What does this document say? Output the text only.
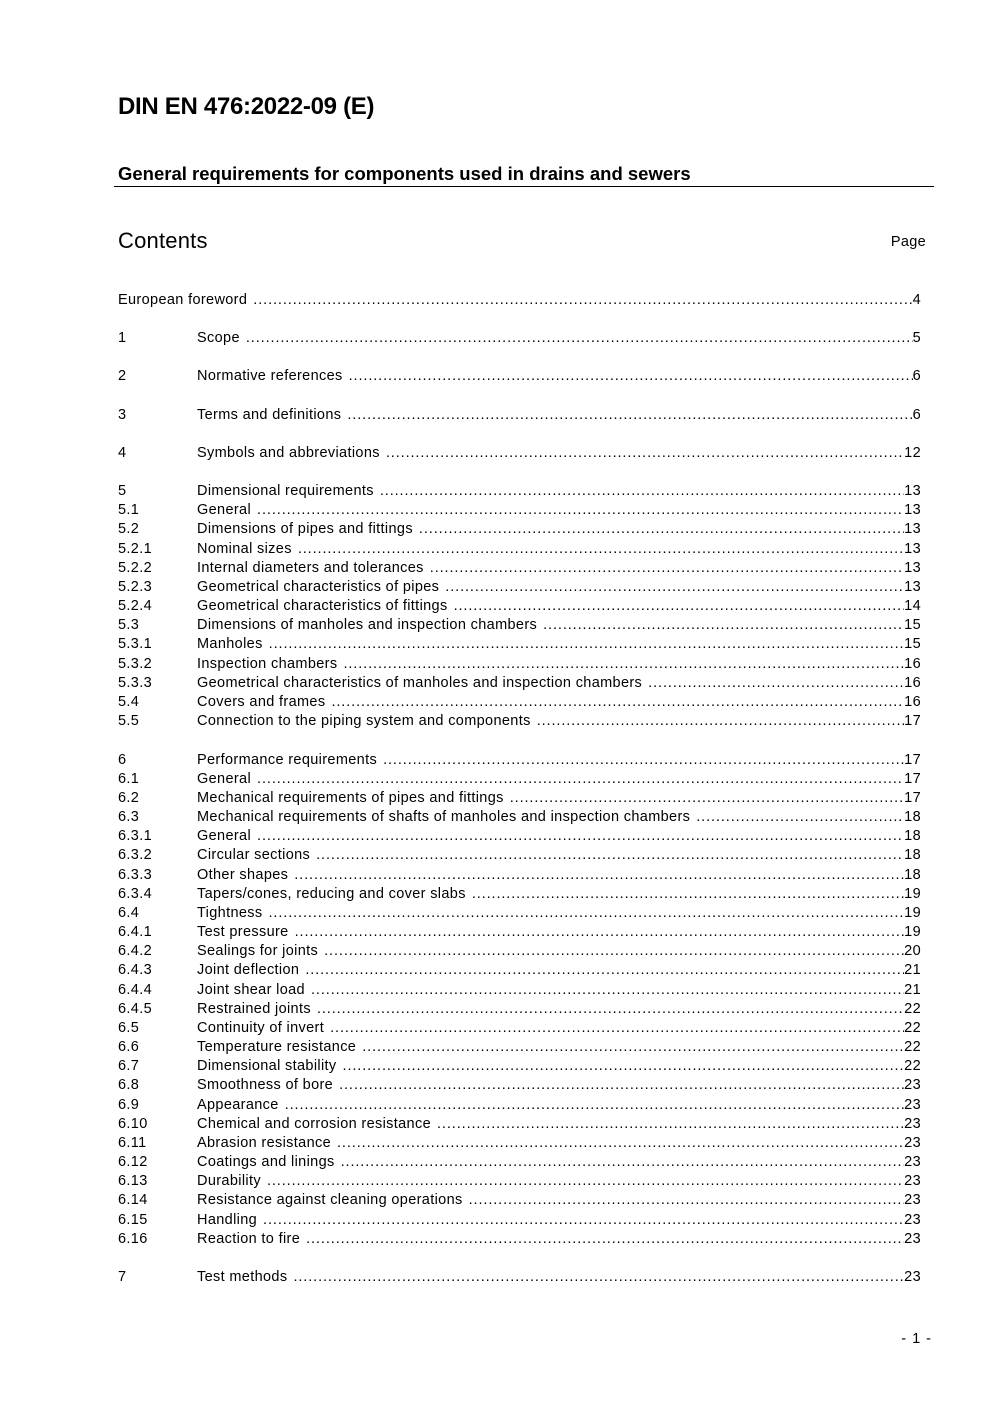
DIN EN 476:2022-09 (E)
General requirements for components used in drains and sewers
Contents	Page
European foreword .....	4
1	Scope .....	5
2	Normative references .....	6
3	Terms and definitions .....	6
4	Symbols and abbreviations .....	12
5	Dimensional requirements .....	13
5.1	General .....	13
5.2	Dimensions of pipes and fittings .....	13
5.2.1	Nominal sizes .....	13
5.2.2	Internal diameters and tolerances .....	13
5.2.3	Geometrical characteristics of pipes .....	13
5.2.4	Geometrical characteristics of fittings .....	14
5.3	Dimensions of manholes and inspection chambers .....	15
5.3.1	Manholes .....	15
5.3.2	Inspection chambers .....	16
5.3.3	Geometrical characteristics of manholes and inspection chambers .....	16
5.4	Covers and frames .....	16
5.5	Connection to the piping system and components .....	17
6	Performance requirements .....	17
6.1	General .....	17
6.2	Mechanical requirements of pipes and fittings .....	17
6.3	Mechanical requirements of shafts of manholes and inspection chambers .....	18
6.3.1	General .....	18
6.3.2	Circular sections .....	18
6.3.3	Other shapes .....	18
6.3.4	Tapers/cones, reducing and cover slabs .....	19
6.4	Tightness .....	19
6.4.1	Test pressure .....	19
6.4.2	Sealings for joints .....	20
6.4.3	Joint deflection .....	21
6.4.4	Joint shear load .....	21
6.4.5	Restrained joints .....	22
6.5	Continuity of invert .....	22
6.6	Temperature resistance .....	22
6.7	Dimensional stability .....	22
6.8	Smoothness of bore .....	23
6.9	Appearance .....	23
6.10	Chemical and corrosion resistance .....	23
6.11	Abrasion resistance .....	23
6.12	Coatings and linings .....	23
6.13	Durability .....	23
6.14	Resistance against cleaning operations .....	23
6.15	Handling .....	23
6.16	Reaction to fire .....	23
7	Test methods .....	23
- 1 -
